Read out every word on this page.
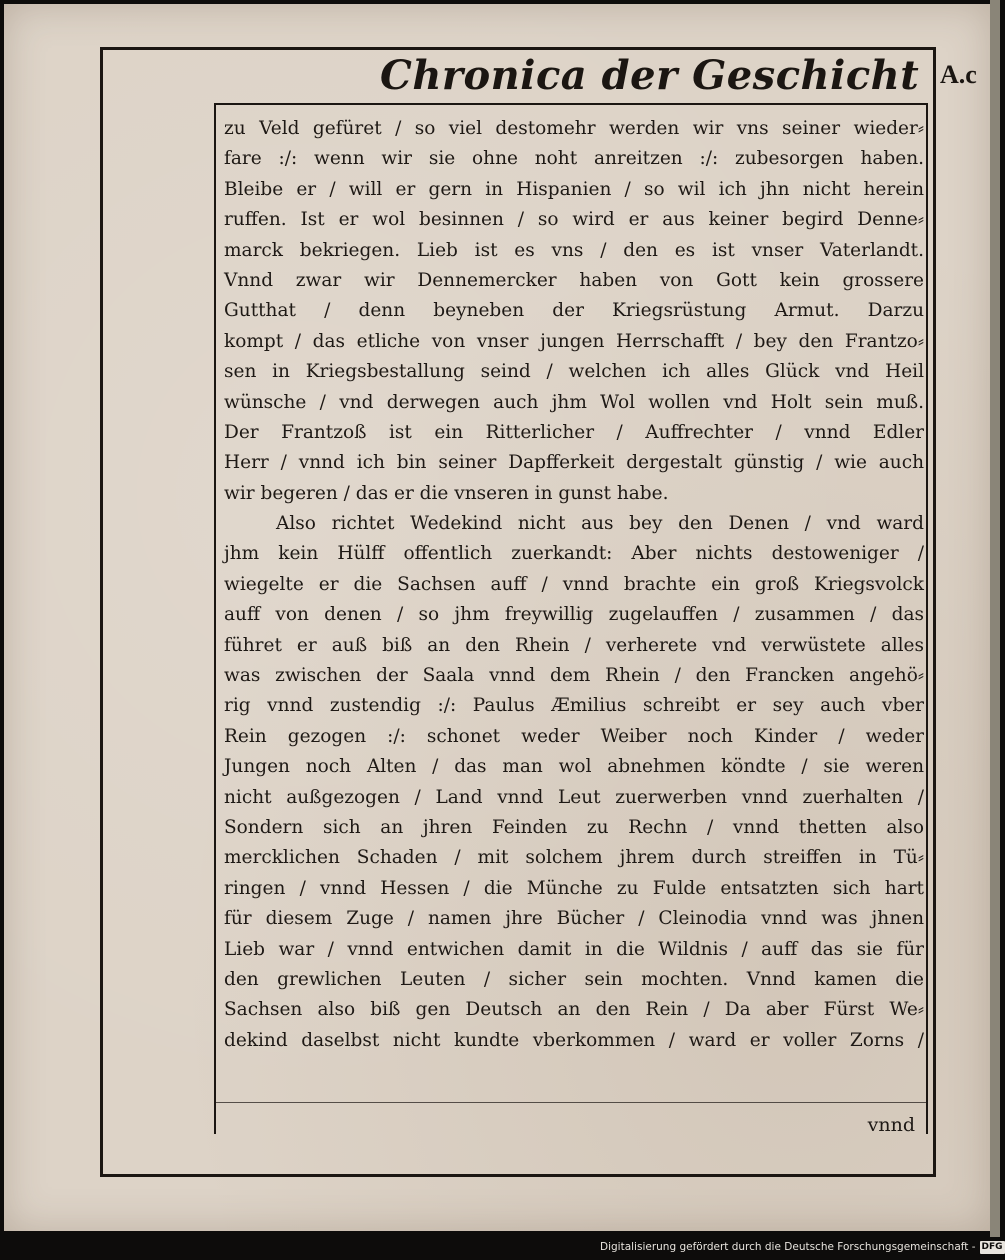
Chronica der Geschicht A.c
zu Veld gefüret / so viel destomehr werden wir vns seiner wieder⸗
fare :/: wenn wir sie ohne noht anreitzen :/: zubesorgen haben.
Bleibe er / will er gern in Hispanien / so wil ich jhn nicht herein
ruffen. Ist er wol besinnen / so wird er aus keiner begird Denne⸗
marck bekriegen. Lieb ist es vns / den es ist vnser Vaterlandt.
Vnnd zwar wir Dennemercker haben von Gott kein grossere
Gutthat / denn beyneben der Kriegsrüstung Armut. Darzu
kompt / das etliche von vnser jungen Herrschafft / bey den Frantzo⸗
sen in Kriegsbestallung seind / welchen ich alles Glück vnd Heil
wünsche / vnd derwegen auch jhm Wol wollen vnd Holt sein muß.
Der Frantzoß ist ein Ritterlicher / Auffrechter / vnnd Edler
Herr / vnnd ich bin seiner Dapfferkeit dergestalt günstig / wie auch
wir begeren / das er die vnseren in gunst habe.
Also richtet Wedekind nicht aus bey den Denen / vnd ward
jhm kein Hülff offentlich zuerkandt: Aber nichts destoweniger /
wiegelte er die Sachsen auff / vnnd brachte ein groß Kriegsvolck
auff von denen / so jhm freywillig zugelauffen / zusammen / das
führet er auß biß an den Rhein / verherete vnd verwüstete alles
was zwischen der Saala vnnd dem Rhein / den Francken angehö⸗
rig vnnd zustendig :/: Paulus Æmilius schreibt er sey auch vber
Rein gezogen :/: schonet weder Weiber noch Kinder / weder
Jungen noch Alten / das man wol abnehmen köndte / sie weren
nicht außgezogen / Land vnnd Leut zuerwerben vnnd zuerhalten /
Sondern sich an jhren Feinden zu Rechn / vnnd thetten also
mercklichen Schaden / mit solchem jhrem durch streiffen in Tü⸗
ringen / vnnd Hessen / die Münche zu Fulde entsatzten sich hart
für diesem Zuge / namen jhre Bücher / Cleinodia vnnd was jhnen
Lieb war / vnnd entwichen damit in die Wildnis / auff das sie für
den grewlichen Leuten / sicher sein mochten. Vnnd kamen die
Sachsen also biß gen Deutsch an den Rein / Da aber Fürst We⸗
dekind daselbst nicht kundte vberkommen / ward er voller Zorns /
vnnd
Digitalisierung gefördert durch die Deutsche Forschungsgemeinschaft - DFG
